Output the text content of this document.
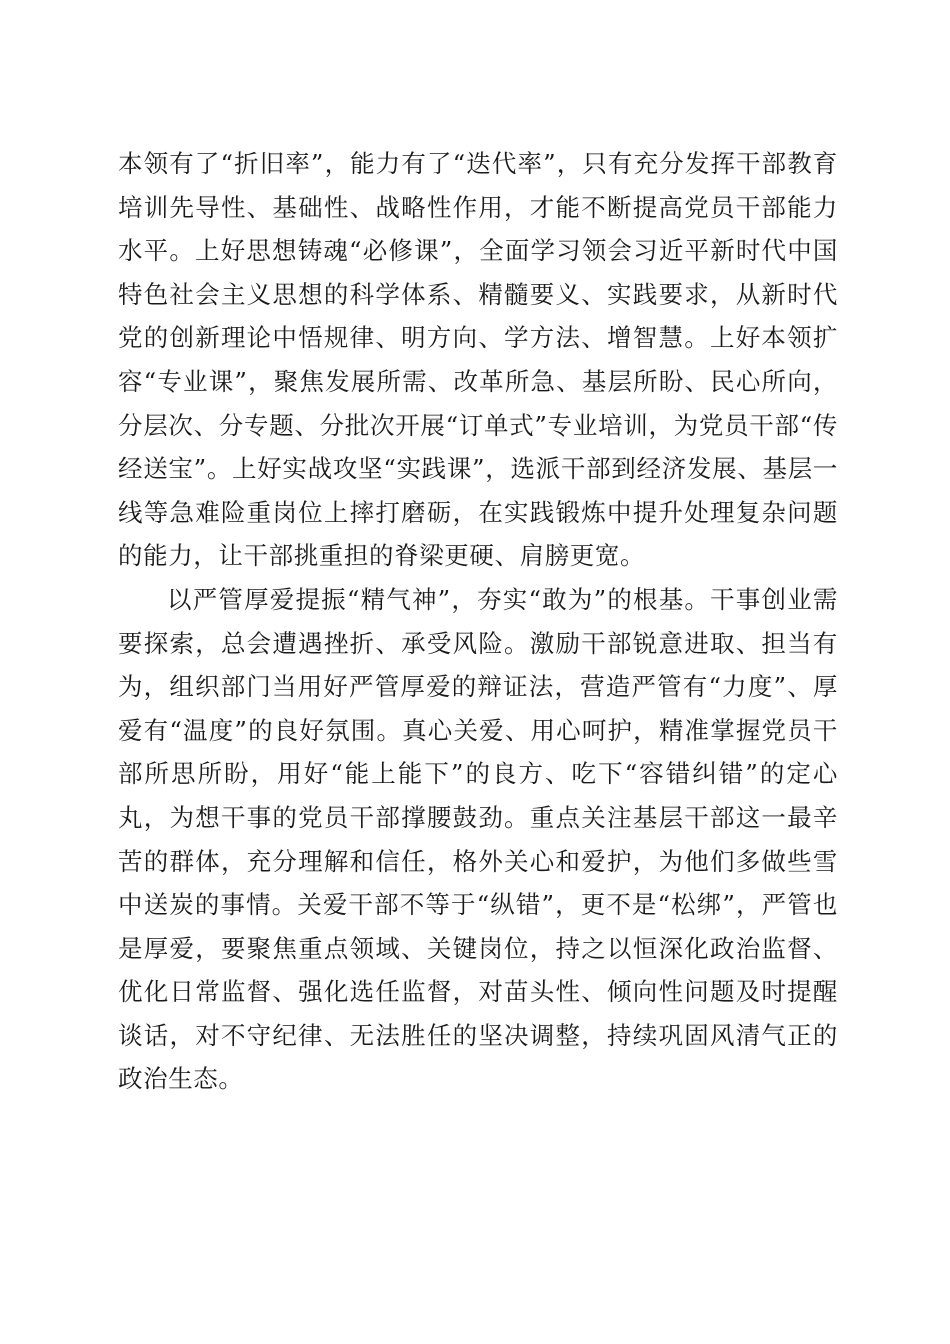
本领有了“折旧率”，能力有了“迭代率”，只有充分发挥干部教育培训先导性、基础性、战略性作用，才能不断提高党员干部能力水平。上好思想铸魂“必修课”，全面学习领会习近平新时代中国特色社会主义思想的科学体系、精髓要义、实践要求，从新时代党的创新理论中悟规律、明方向、学方法、增智慧。上好本领扩容“专业课”，聚焦发展所需、改革所急、基层所盼、民心所向，分层次、分专题、分批次开展“订单式”专业培训，为党员干部“传经送宝”。上好实战攻坚“实践课”，选派干部到经济发展、基层一线等急难险重岗位上摔打磨砺，在实践锻炼中提升处理复杂问题的能力，让干部挑重担的脊梁更硬、肩膀更宽。

以严管厚爱提振“精气神”，夯实“敢为”的根基。干事创业需要探索，总会遭遇挫折、承受风险。激励干部锐意进取、担当有为，组织部门当用好严管厚爱的辩证法，营造严管有“力度”、厚爱有“温度”的良好氛围。真心关爱、用心呵护，精准掌握党员干部所思所盼，用好“能上能下”的良方、吃下“容错纠错”的定心丸，为想干事的党员干部撑腰鼓劲。重点关注基层干部这一最辛苦的群体，充分理解和信任，格外关心和爱护，为他们多做些雪中送炭的事情。关爱干部不等于“纵错”，更不是“松绑”，严管也是厚爱，要聚焦重点领域、关键岗位，持之以恒深化政治监督、优化日常监督、强化选任监督，对苗头性、倾向性问题及时提醒谈话，对不守纪律、无法胜任的坚决调整，持续巩固风清气正的政治生态。
